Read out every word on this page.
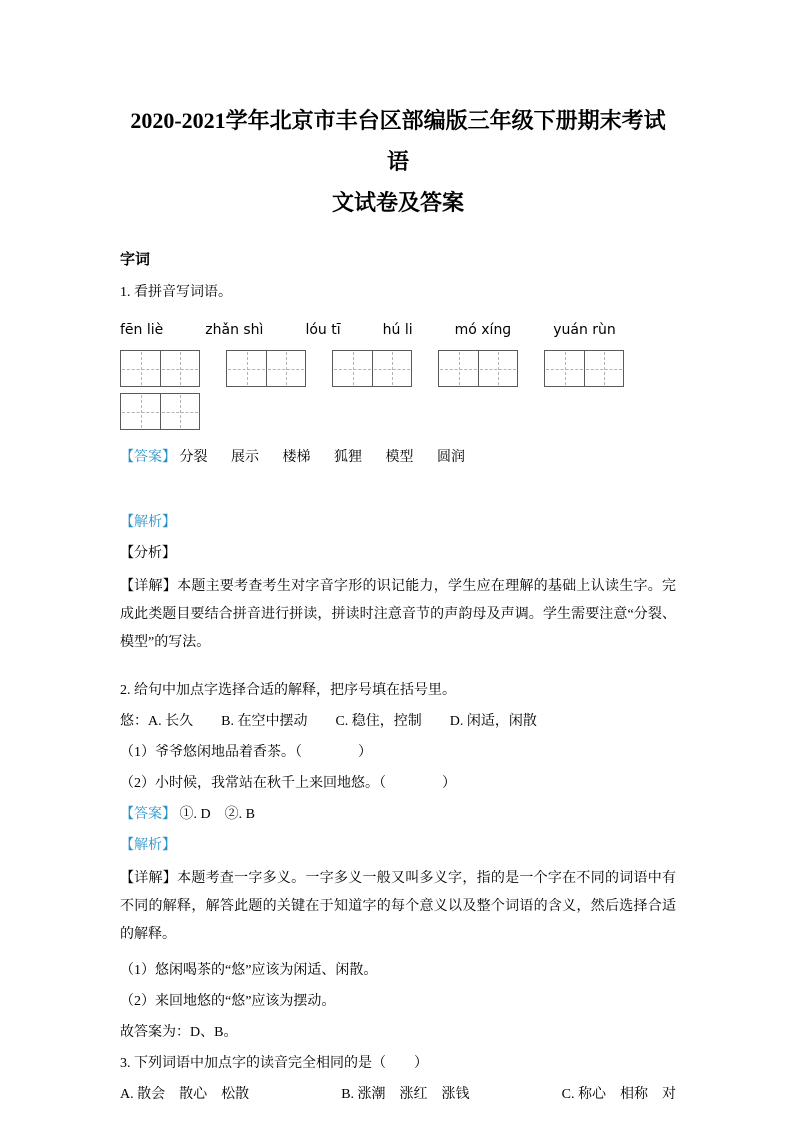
2020-2021学年北京市丰台区部编版三年级下册期末考试语
文试卷及答案
字词

1. 看拼音写词语。

fēn liè	zhǎn shì	lóu tī	hú li	mó xínɡ	yuán rùn

【答案】 分裂 展示 楼梯 狐狸 模型 圆润

【解析】

【分析】

【详解】本题主要考查考生对字音字形的识记能力，学生应在理解的基础上认读生字。完成此类题目要结合拼音进行拼读，拼读时注意音节的声韵母及声调。学生需要注意“分裂、模型”的写法。

2. 给句中加点字选择合适的解释，把序号填在括号里。

悠：A. 长久　　B. 在空中摆动　　C. 稳住，控制　　D. 闲适，闲散

（1）爷爷悠闲地品着香茶。（　　　　）

（2）小时候，我常站在秋千上来回地悠。（　　　　）

【答案】 ①. D　②. B

【解析】

【详解】本题考查一字多义。一字多义一般又叫多义字，指的是一个字在不同的词语中有不同的解释，解答此题的关键在于知道字的每个意义以及整个词语的含义，然后选择合适的解释。

（1）悠闲喝茶的“悠”应该为闲适、闲散。

（2）来回地悠的“悠”应该为摆动。

故答案为：D、B。

3. 下列词语中加点字的读音完全相同的是（　　）

A. 散会　散心　松散	B. 涨潮　涨红　涨钱	C. 称心　相称　对
